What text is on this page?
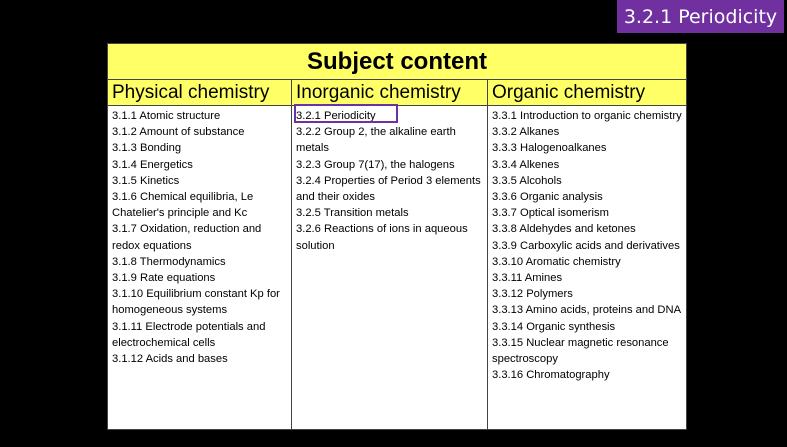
3.2.1 Periodicity
Subject content
Physical chemistry
3.1.1 Atomic structure
3.1.2 Amount of substance
3.1.3 Bonding
3.1.4 Energetics
3.1.5 Kinetics
3.1.6 Chemical equilibria, Le Chatelier's principle and Kc
3.1.7 Oxidation, reduction and redox equations
3.1.8 Thermodynamics
3.1.9 Rate equations
3.1.10 Equilibrium constant Kp for homogeneous systems
3.1.11 Electrode potentials and electrochemical cells
3.1.12 Acids and bases
Inorganic chemistry
3.2.1 Periodicity
3.2.2 Group 2, the alkaline earth metals
3.2.3 Group 7(17), the halogens
3.2.4 Properties of Period 3 elements and their oxides
3.2.5 Transition metals
3.2.6 Reactions of ions in aqueous solution
Organic chemistry
3.3.1 Introduction to organic chemistry
3.3.2 Alkanes
3.3.3 Halogenoalkanes
3.3.4 Alkenes
3.3.5 Alcohols
3.3.6 Organic analysis
3.3.7 Optical isomerism
3.3.8 Aldehydes and ketones
3.3.9 Carboxylic acids and derivatives
3.3.10 Aromatic chemistry
3.3.11 Amines
3.3.12 Polymers
3.3.13 Amino acids, proteins and DNA
3.3.14 Organic synthesis
3.3.15 Nuclear magnetic resonance spectroscopy
3.3.16 Chromatography
